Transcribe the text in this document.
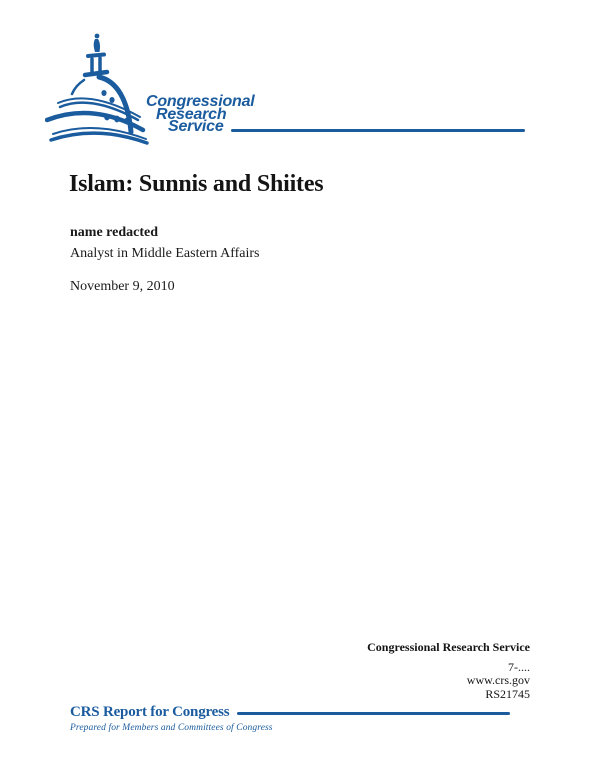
Congressional
Research
Service
Islam: Sunnis and Shiites
name redacted
Analyst in Middle Eastern Affairs
November 9, 2010
Congressional Research Service
7-....
www.crs.gov
RS21745
CRS Report for Congress
Prepared for Members and Committees of Congress
